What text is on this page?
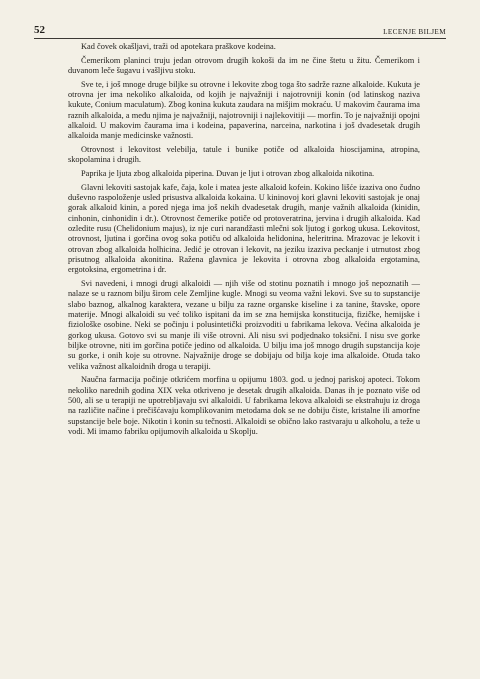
52	LECENJE BILJEM

Kad čovek okašljavi, traži od apotekara praškove kodeina.

Čemerikom planinci truju jedan otrovom drugih kokoši da im ne čine štetu u žitu. Čemerikom i duvanom leče šugavu i vašljivu stoku.

Sve te, i još mnoge druge biljke su otrovne i lekovite zbog toga što sadrže razne alkaloide. Kukuta je otrovna jer ima nekoliko alkaloida, od kojih je najvažniji i najotrovniji konin (od latinskog naziva kukute, Conium maculatum). Zbog konina kukuta zaudara na mišjim mokraću. U makovim čaurama ima raznih alkaloida, a među njima je najvažniji, najotrovniji i najlekovitiji — morfin. To je najvažniji opojni alkaloid. U makovim čaurama ima i kodeina, papaverina, narceina, narkotina i još dvadesetak drugih alkaloida manje medicinske važnosti.

Otrovnost i lekovitost velebilja, tatule i bunike potiče od alkaloida hioscijamina, atropina, skopolamina i drugih.

Paprika je ljuta zbog alkaloida piperina. Duvan je ljut i otrovan zbog alkaloida nikotina.

Glavni lekoviti sastojak kafe, čaja, kole i matea jeste alkaloid kofein. Kokino lišće izaziva ono čudno duševno raspoloženje usled prisustva alkaloida kokaina. U kininovoj kori glavni lekoviti sastojak je onaj gorak alkaloid kinin, a pored njega ima još nekih dvadesetak drugih, manje važnih alkaloida (kinidin, cinhonin, cinhonidin i dr.). Otrovnost čemerike potiče od protoveratrina, jervina i drugih alkaloida. Kad ozledite rusu (Chelidonium majus), iz nje curi narandžasti mlečni sok ljutog i gorkog ukusa. Lekovitost, otrovnost, ljutina i gorčina ovog soka potiču od alkaloida helidonina, heleritrina. Mrazovac je lekovit i otrovan zbog alkaloida holhicina. Jedić je otrovan i lekovit, na jeziku izaziva peckanje i utrnutost zbog prisutnog alkaloida akonitina. Ražena glavnica je lekovita i otrovna zbog alkaloida ergotamina, ergotoksina, ergometrina i dr.

Svi navedeni, i mnogi drugi alkaloidi — njih više od stotinu poznatih i mnogo još nepoznatih — nalaze se u raznom bilju širom cele Zemljine kugle. Mnogi su veoma važni lekovi. Sve su to supstancije slabo baznog, alkalnog karaktera, vezane u bilju za razne organske kiseline i za tanine, štavske, opore materije. Mnogi alkaloidi su već toliko ispitani da im se zna hemijska konstitucija, fizičke, hemijske i fiziološke osobine. Neki se počinju i polusintetički proizvoditi u fabrikama lekova. Većina alkaloida je gorkog ukusa. Gotovo svi su manje ili više otrovni. Ali nisu svi podjednako toksični. I nisu sve gorke biljke otrovne, niti im gorčina potiče jedino od alkaloida. U bilju ima još mnogo drugih supstancija koje su gorke, i onih koje su otrovne. Najvažnije droge se dobijaju od bilja koje ima alkaloide. Otuda tako velika važnost alkaloidnih droga u terapiji.

Naučna farmacija počinje otkrićem morfina u opijumu 1803. god. u jednoj pariskoj apoteci. Tokom nekoliko narednih godina XIX veka otkriveno je desetak drugih alkaloida. Danas ih je poznato više od 500, ali se u terapiji ne upotrebljavaju svi alkaloidi. U fabrikama lekova alkaloidi se ekstrahuju iz droga na različite načine i prečišćavaju komplikovanim metodama dok se ne dobiju čiste, kristalne ili amorfne supstancije bele boje. Nikotin i konin su tečnosti. Alkaloidi se obično lako rastvaraju u alkoholu, a teže u vodi. Mi imamo fabriku opijumovih alkaloida u Skoplju.
